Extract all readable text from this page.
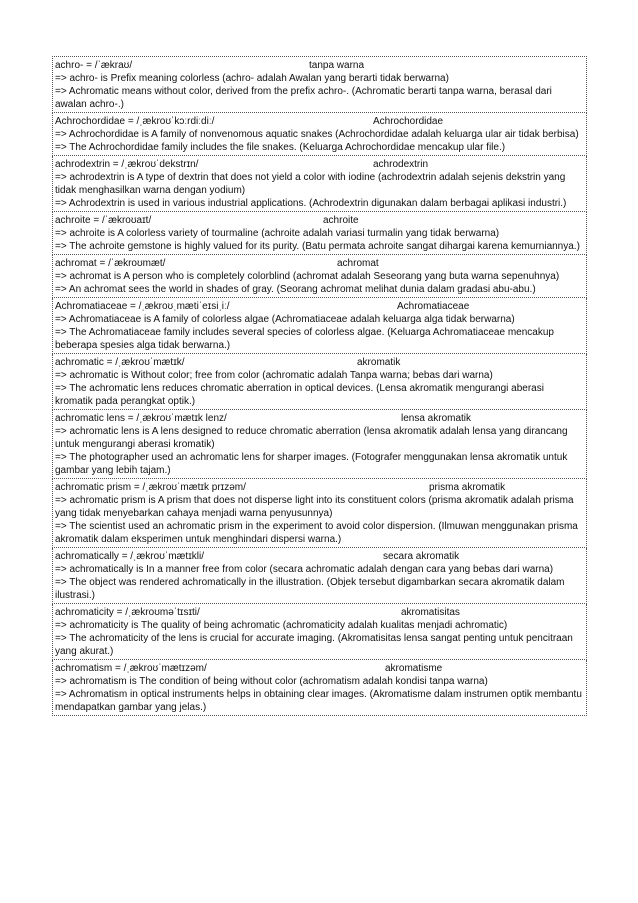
achro- = /ˈækraʊ/	tanpa warna

=> achro- is Prefix meaning colorless (achro- adalah Awalan yang berarti tidak berwarna)

=> Achromatic means without color, derived from the prefix achro-. (Achromatic berarti tanpa warna, berasal dari awalan achro-.)

Achrochordidae = /ˌækroʊˈkɔːrdiːdiː/	Achrochordidae

=> Achrochordidae is A family of nonvenomous aquatic snakes (Achrochordidae adalah keluarga ular air tidak berbisa)

=> The Achrochordidae family includes the file snakes. (Keluarga Achrochordidae mencakup ular file.)

achrodextrin = /ˌækroʊˈdekstrɪn/	achrodextrin

=> achrodextrin is A type of dextrin that does not yield a color with iodine (achrodextrin adalah sejenis dekstrin yang tidak menghasilkan warna dengan yodium)

=> Achrodextrin is used in various industrial applications. (Achrodextrin digunakan dalam berbagai aplikasi industri.)

achroite = /ˈækroʊaɪt/	achroite

=> achroite is A colorless variety of tourmaline (achroite adalah variasi turmalin yang tidak berwarna)

=> The achroite gemstone is highly valued for its purity. (Batu permata achroite sangat dihargai karena kemurniannya.)

achromat = /ˈækroʊmæt/	achromat

=> achromat is A person who is completely colorblind (achromat adalah Seseorang yang buta warna sepenuhnya)

=> An achromat sees the world in shades of gray. (Seorang achromat melihat dunia dalam gradasi abu-abu.)

Achromatiaceae = /ˌækroʊˌmætiˈeɪsiˌiː/	Achromatiaceae

=> Achromatiaceae is A family of colorless algae (Achromatiaceae adalah keluarga alga tidak berwarna)

=> The Achromatiaceae family includes several species of colorless algae. (Keluarga Achromatiaceae mencakup beberapa spesies alga tidak berwarna.)

achromatic = /ˌækroʊˈmætɪk/	akromatik

=> achromatic is Without color; free from color (achromatic adalah Tanpa warna; bebas dari warna)

=> The achromatic lens reduces chromatic aberration in optical devices. (Lensa akromatik mengurangi aberasi kromatik pada perangkat optik.)

achromatic lens = /ˌækroʊˈmætɪk lenz/	lensa akromatik

=> achromatic lens is A lens designed to reduce chromatic aberration (lensa akromatik adalah lensa yang dirancang untuk mengurangi aberasi kromatik)

=> The photographer used an achromatic lens for sharper images. (Fotografer menggunakan lensa akromatik untuk gambar yang lebih tajam.)

achromatic prism = /ˌækroʊˈmætɪk prɪzəm/	prisma akromatik

=> achromatic prism is A prism that does not disperse light into its constituent colors (prisma akromatik adalah prisma yang tidak menyebarkan cahaya menjadi warna penyusunnya)

=> The scientist used an achromatic prism in the experiment to avoid color dispersion. (Ilmuwan menggunakan prisma akromatik dalam eksperimen untuk menghindari dispersi warna.)

achromatically = /ˌækroʊˈmætɪkli/	secara akromatik

=> achromatically is In a manner free from color (secara achromatic adalah dengan cara yang bebas dari warna)

=> The object was rendered achromatically in the illustration. (Objek tersebut digambarkan secara akromatik dalam ilustrasi.)

achromaticity = /ˌækroʊməˈtɪsɪti/	akromatisitas

=> achromaticity is The quality of being achromatic (achromaticity adalah kualitas menjadi achromatic)

=> The achromaticity of the lens is crucial for accurate imaging. (Akromatisitas lensa sangat penting untuk pencitraan yang akurat.)

achromatism = /ˌækroʊˈmætɪzəm/	akromatisme

=> achromatism is The condition of being without color (achromatism adalah kondisi tanpa warna)

=> Achromatism in optical instruments helps in obtaining clear images. (Akromatisme dalam instrumen optik membantu mendapatkan gambar yang jelas.)
